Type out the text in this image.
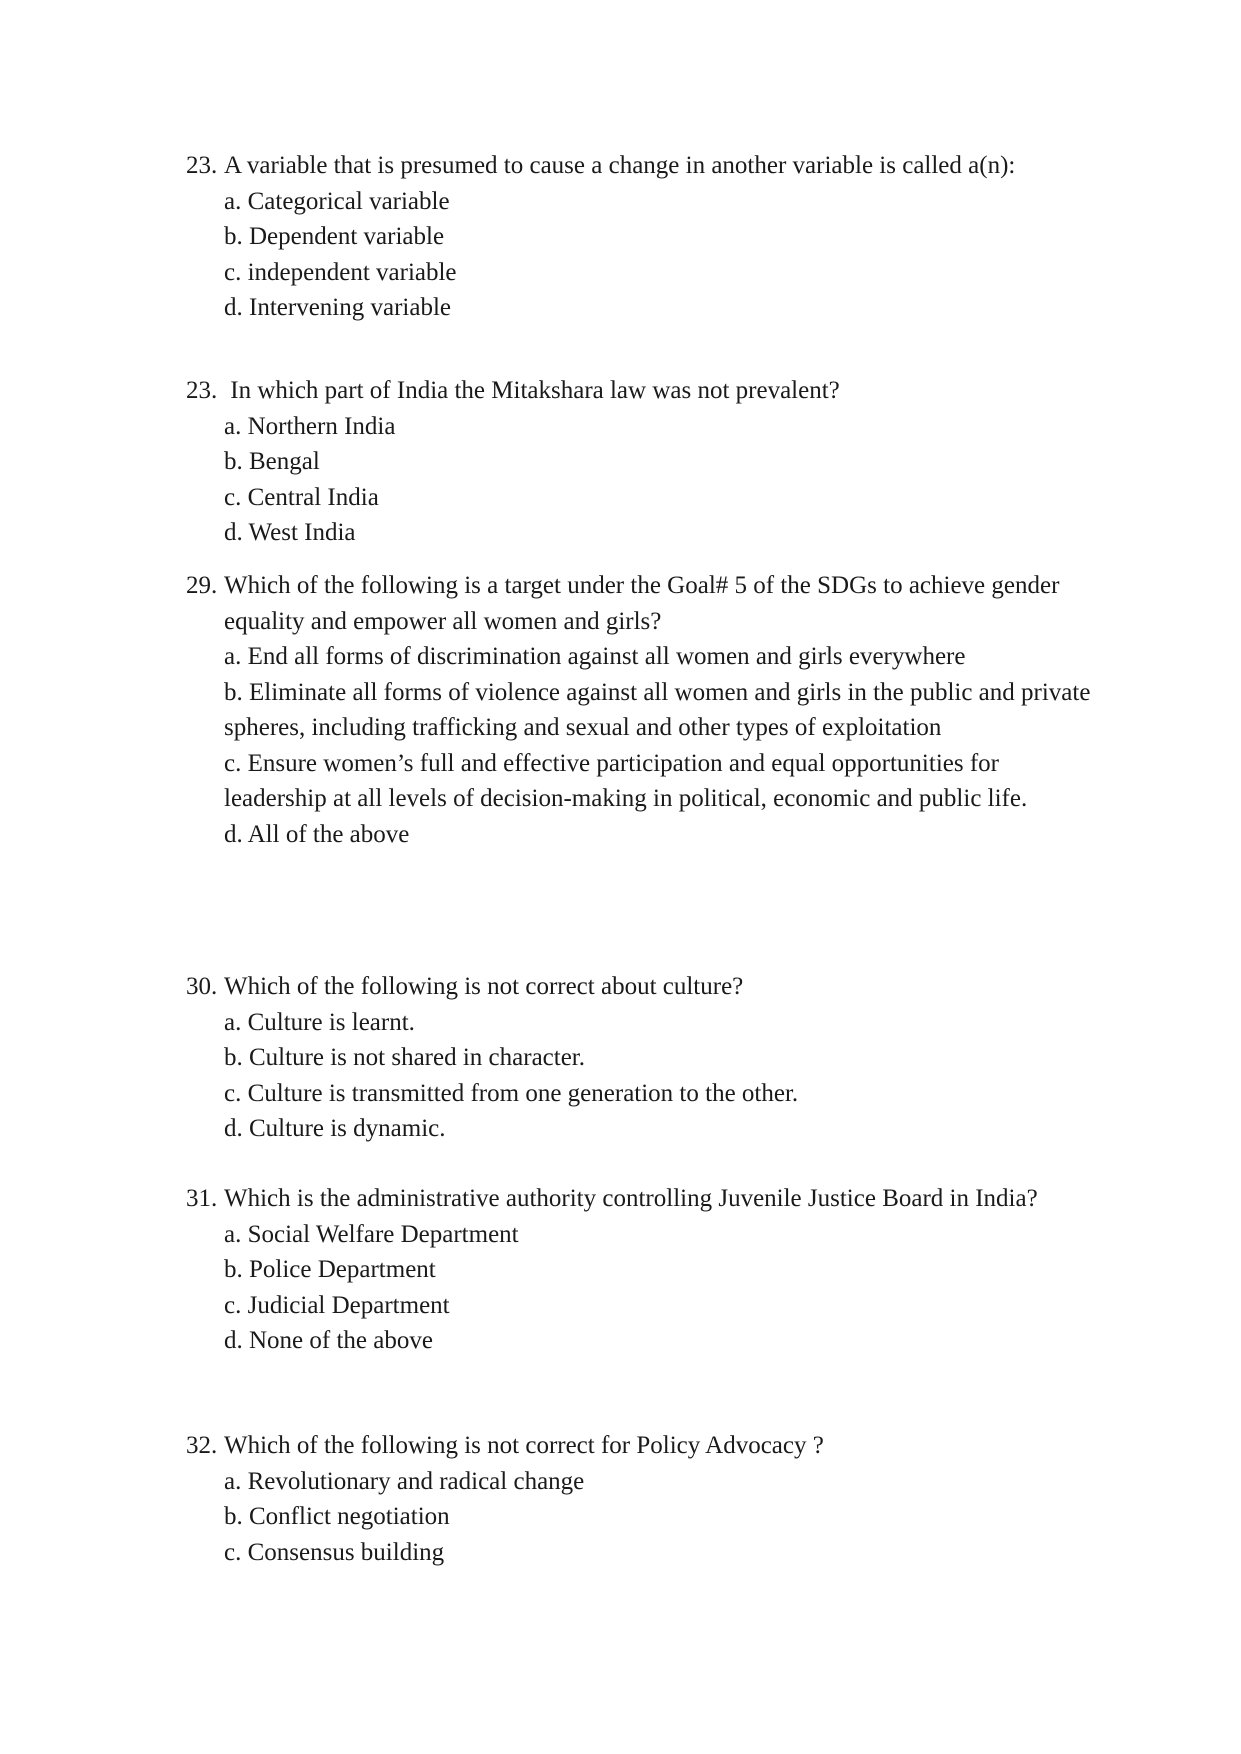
23. A variable that is presumed to cause a change in another variable is called a(n):
a. Categorical variable
b. Dependent variable
c. independent variable
d. Intervening variable
23. In which part of India the Mitakshara law was not prevalent?
a. Northern India
b. Bengal
c. Central India
d. West India
29. Which of the following is a target under the Goal# 5 of the SDGs to achieve gender equality and empower all women and girls?
a. End all forms of discrimination against all women and girls everywhere
b. Eliminate all forms of violence against all women and girls in the public and private spheres, including trafficking and sexual and other types of exploitation
c. Ensure women’s full and effective participation and equal opportunities for leadership at all levels of decision-making in political, economic and public life.
d. All of the above
30. Which of the following is not correct about culture?
a. Culture is learnt.
b. Culture is not shared in character.
c. Culture is transmitted from one generation to the other.
d. Culture is dynamic.
31. Which is the administrative authority controlling Juvenile Justice Board in India?
a. Social Welfare Department
b. Police Department
c. Judicial Department
d. None of the above
32. Which of the following is not correct for Policy Advocacy ?
a. Revolutionary and radical change
b. Conflict negotiation
c. Consensus building
